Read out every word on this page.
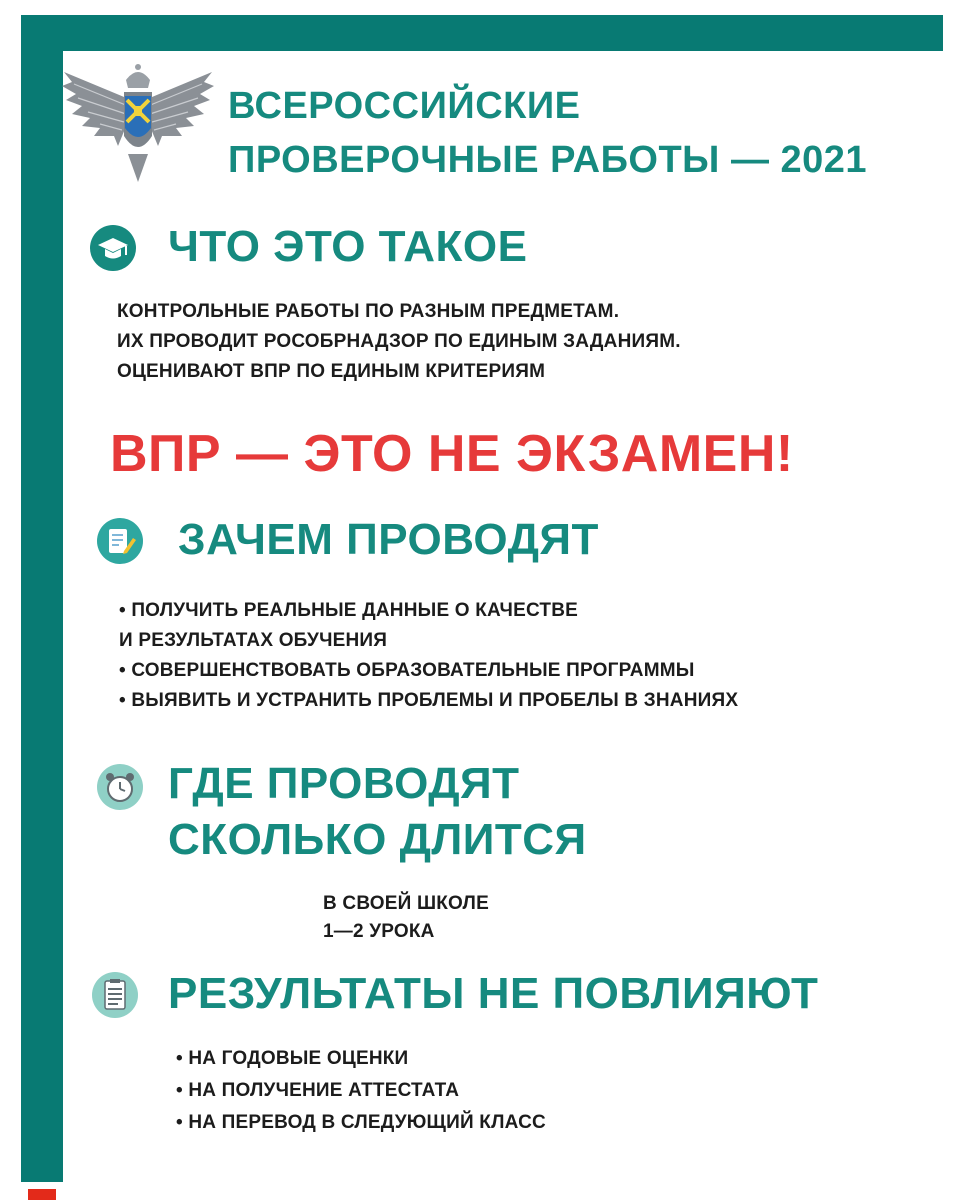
ВСЕРОССИЙСКИЕ
ПРОВЕРОЧНЫЕ РАБОТЫ — 2021
ЧТО ЭТО ТАКОЕ
КОНТРОЛЬНЫЕ РАБОТЫ ПО РАЗНЫМ ПРЕДМЕТАМ.
ИХ ПРОВОДИТ РОСОБРНАДЗОР ПО ЕДИНЫМ ЗАДАНИЯМ.
ОЦЕНИВАЮТ ВПР ПО ЕДИНЫМ КРИТЕРИЯМ
ВПР — ЭТО НЕ ЭКЗАМЕН!
ЗАЧЕМ ПРОВОДЯТ
• ПОЛУЧИТЬ РЕАЛЬНЫЕ ДАННЫЕ О КАЧЕСТВЕ
И РЕЗУЛЬТАТАХ ОБУЧЕНИЯ
• СОВЕРШЕНСТВОВАТЬ ОБРАЗОВАТЕЛЬНЫЕ ПРОГРАММЫ
• ВЫЯВИТЬ И УСТРАНИТЬ ПРОБЛЕМЫ И ПРОБЕЛЫ В ЗНАНИЯХ
ГДЕ ПРОВОДЯТ
СКОЛЬКО ДЛИТСЯ
В СВОЕЙ ШКОЛЕ
1—2 УРОКА
РЕЗУЛЬТАТЫ НЕ ПОВЛИЯЮТ
• НА ГОДОВЫЕ ОЦЕНКИ
• НА ПОЛУЧЕНИЕ АТТЕСТАТА
• НА ПЕРЕВОД В СЛЕДУЮЩИЙ КЛАСС
